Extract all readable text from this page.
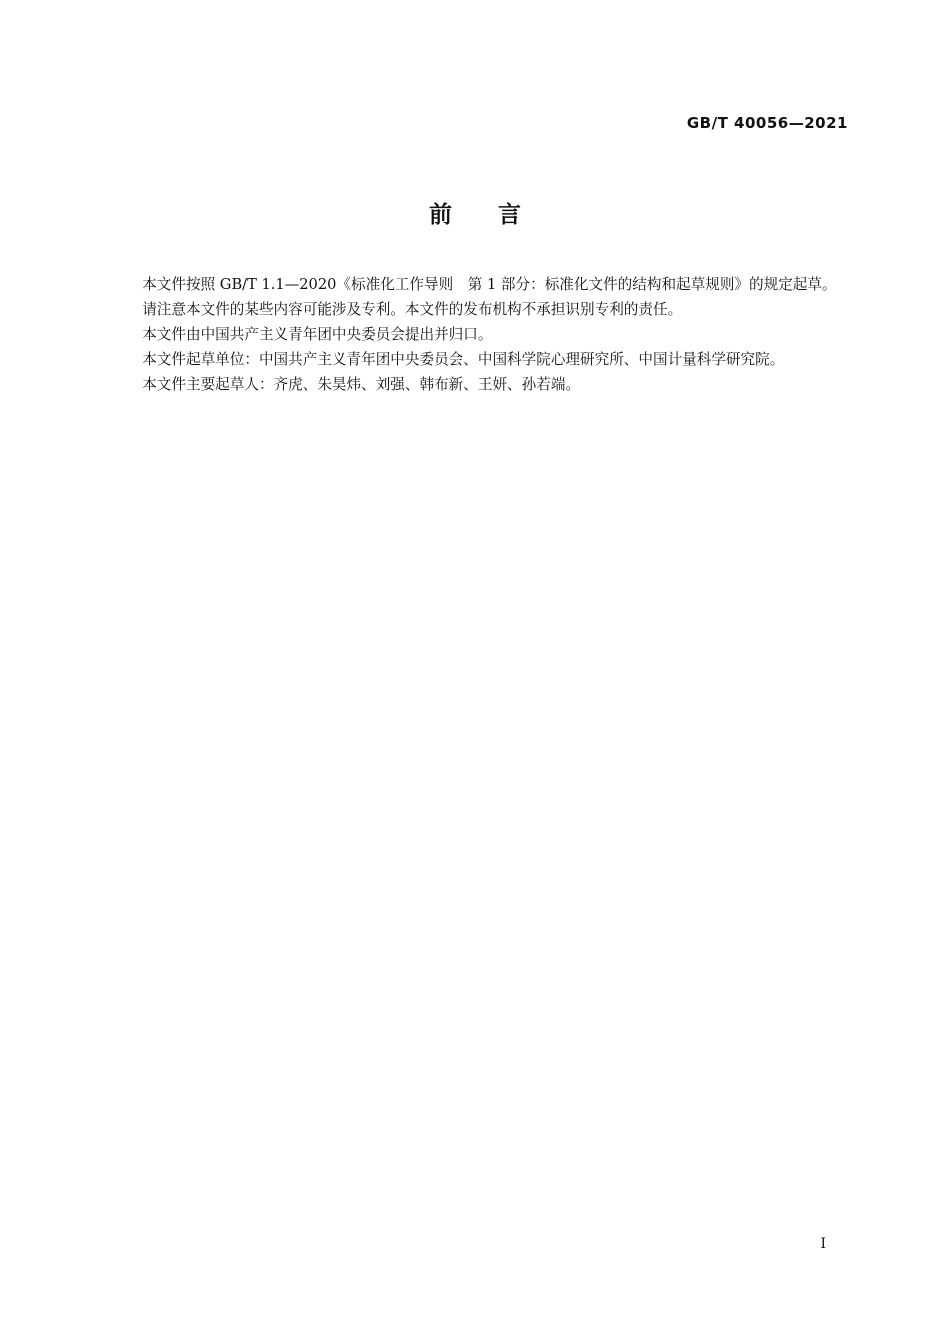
GB/T 40056—2021
前言

本文件按照 GB/T 1.1—2020《标准化工作导则　第 1 部分：标准化文件的结构和起草规则》的规定起草。

请注意本文件的某些内容可能涉及专利。本文件的发布机构不承担识别专利的责任。

本文件由中国共产主义青年团中央委员会提出并归口。

本文件起草单位：中国共产主义青年团中央委员会、中国科学院心理研究所、中国计量科学研究院。

本文件主要起草人：齐虎、朱昊炜、刘强、韩布新、王妍、孙若端。

I
